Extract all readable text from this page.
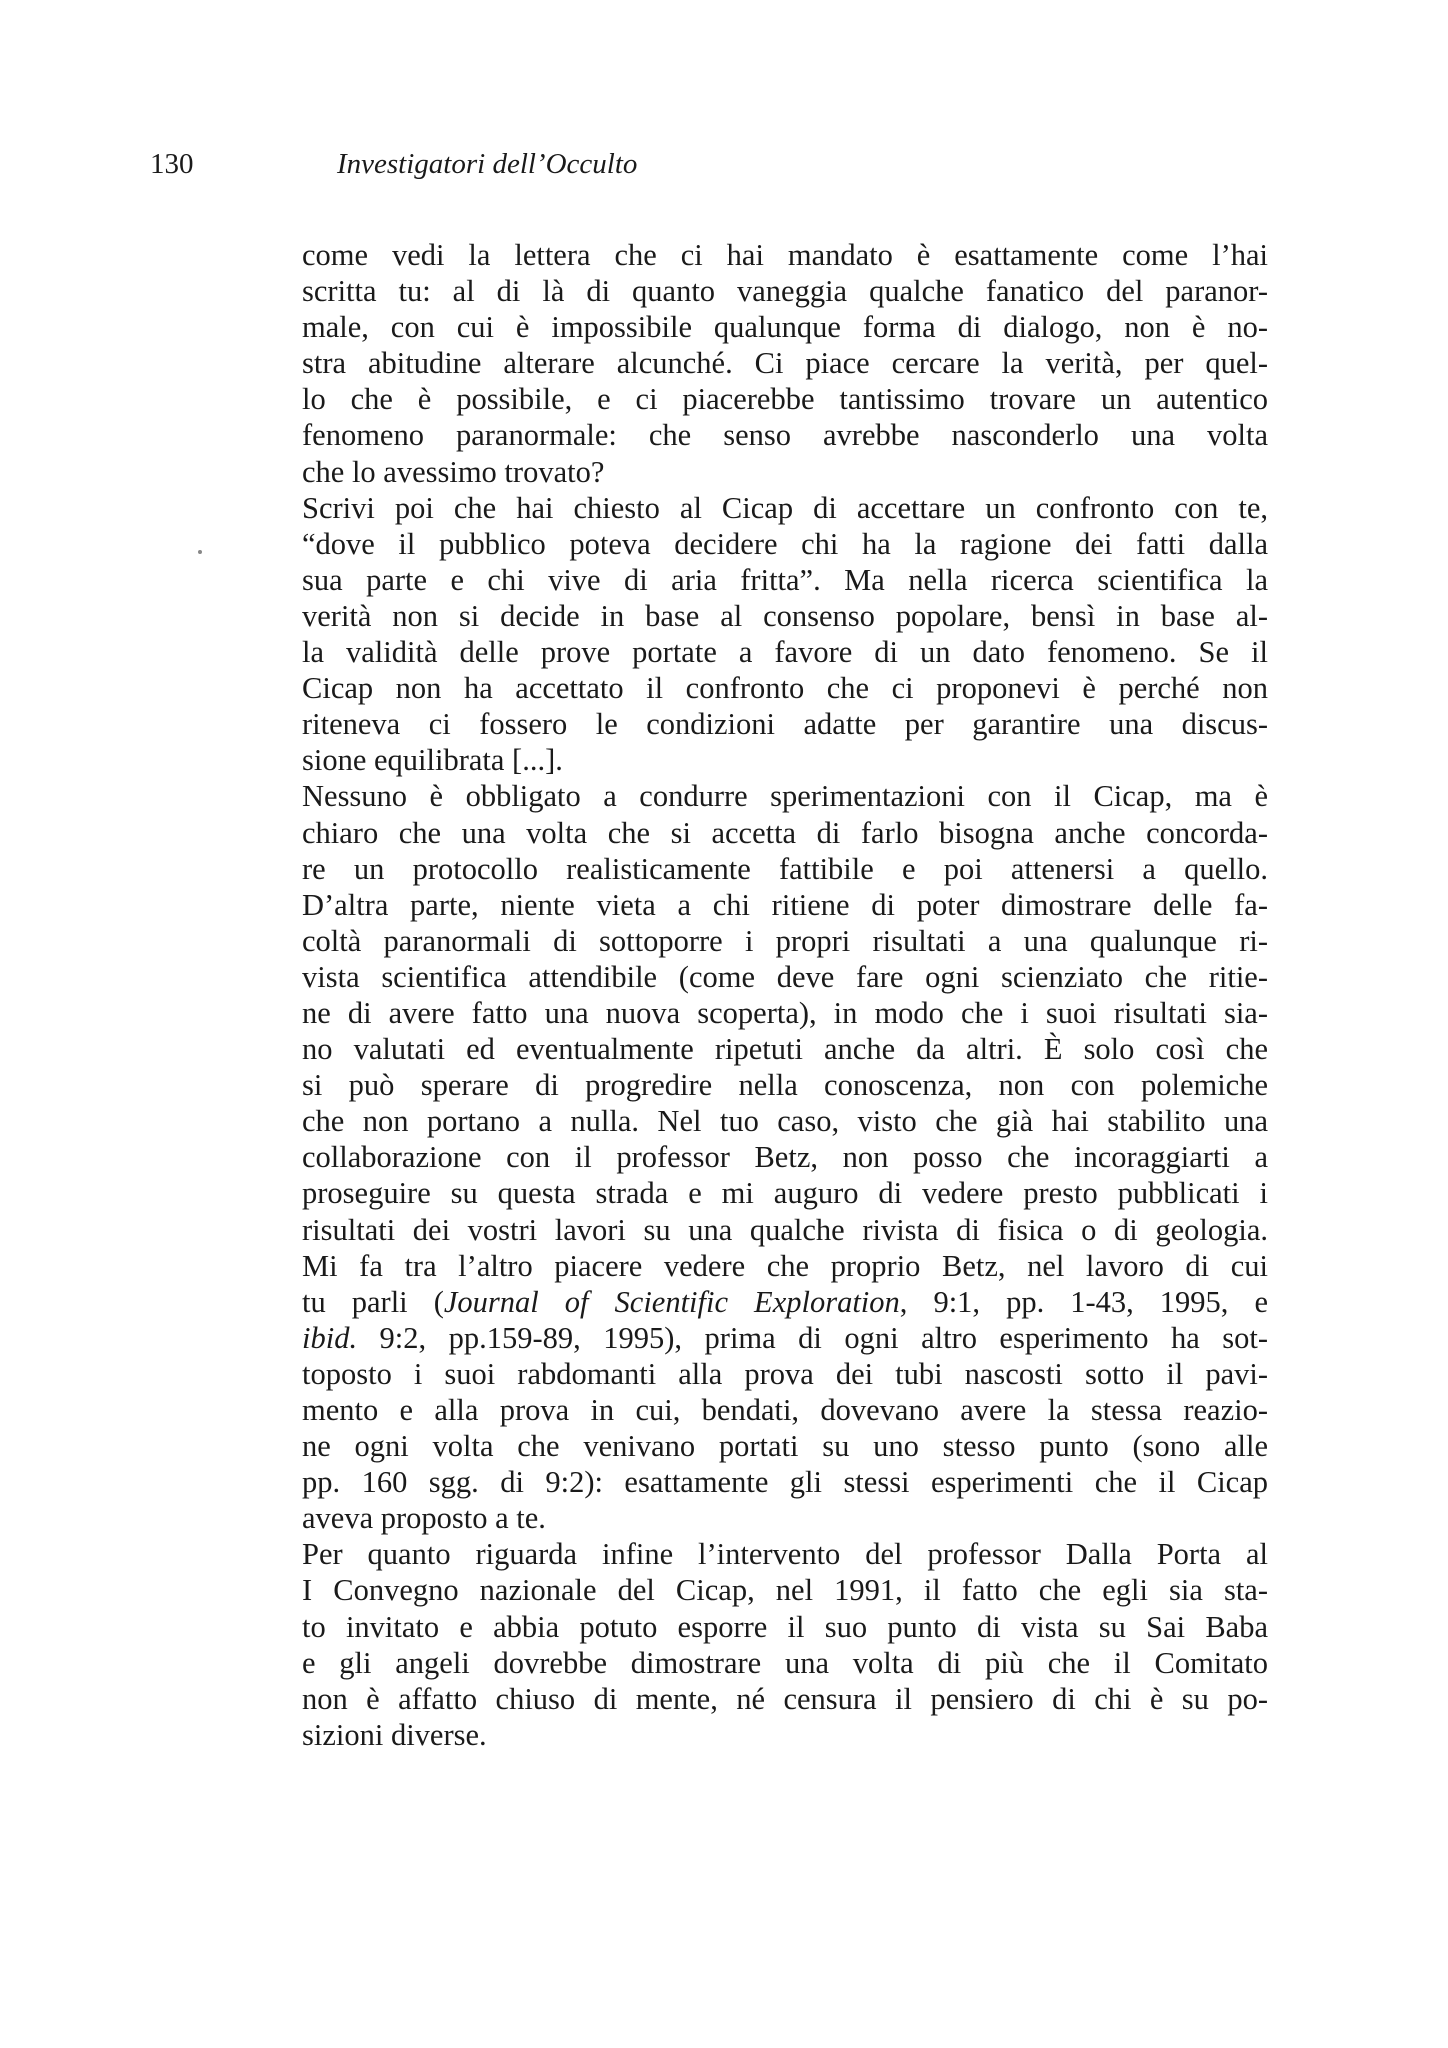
130	Investigatori dell’Occulto
come vedi la lettera che ci hai mandato è esattamente come l’hai
scritta tu: al di là di quanto vaneggia qualche fanatico del paranor-
male, con cui è impossibile qualunque forma di dialogo, non è no-
stra abitudine alterare alcunché. Ci piace cercare la verità, per quel-
lo che è possibile, e ci piacerebbe tantissimo trovare un autentico
fenomeno paranormale: che senso avrebbe nasconderlo una volta
che lo avessimo trovato?
Scrivi poi che hai chiesto al Cicap di accettare un confronto con te,
“dove il pubblico poteva decidere chi ha la ragione dei fatti dalla
sua parte e chi vive di aria fritta”. Ma nella ricerca scientifica la
verità non si decide in base al consenso popolare, bensì in base al-
la validità delle prove portate a favore di un dato fenomeno. Se il
Cicap non ha accettato il confronto che ci proponevi è perché non
riteneva ci fossero le condizioni adatte per garantire una discus-
sione equilibrata [...].
Nessuno è obbligato a condurre sperimentazioni con il Cicap, ma è
chiaro che una volta che si accetta di farlo bisogna anche concorda-
re un protocollo realisticamente fattibile e poi attenersi a quello.
D’altra parte, niente vieta a chi ritiene di poter dimostrare delle fa-
coltà paranormali di sottoporre i propri risultati a una qualunque ri-
vista scientifica attendibile (come deve fare ogni scienziato che ritie-
ne di avere fatto una nuova scoperta), in modo che i suoi risultati sia-
no valutati ed eventualmente ripetuti anche da altri. È solo così che
si può sperare di progredire nella conoscenza, non con polemiche
che non portano a nulla. Nel tuo caso, visto che già hai stabilito una
collaborazione con il professor Betz, non posso che incoraggiarti a
proseguire su questa strada e mi auguro di vedere presto pubblicati i
risultati dei vostri lavori su una qualche rivista di fisica o di geologia.
Mi fa tra l’altro piacere vedere che proprio Betz, nel lavoro di cui
tu parli (Journal of Scientific Exploration, 9:1, pp. 1-43, 1995, e
ibid. 9:2, pp.159-89, 1995), prima di ogni altro esperimento ha sot-
toposto i suoi rabdomanti alla prova dei tubi nascosti sotto il pavi-
mento e alla prova in cui, bendati, dovevano avere la stessa reazio-
ne ogni volta che venivano portati su uno stesso punto (sono alle
pp. 160 sgg. di 9:2): esattamente gli stessi esperimenti che il Cicap
aveva proposto a te.
Per quanto riguarda infine l’intervento del professor Dalla Porta al
I Convegno nazionale del Cicap, nel 1991, il fatto che egli sia sta-
to invitato e abbia potuto esporre il suo punto di vista su Sai Baba
e gli angeli dovrebbe dimostrare una volta di più che il Comitato
non è affatto chiuso di mente, né censura il pensiero di chi è su po-
sizioni diverse.
